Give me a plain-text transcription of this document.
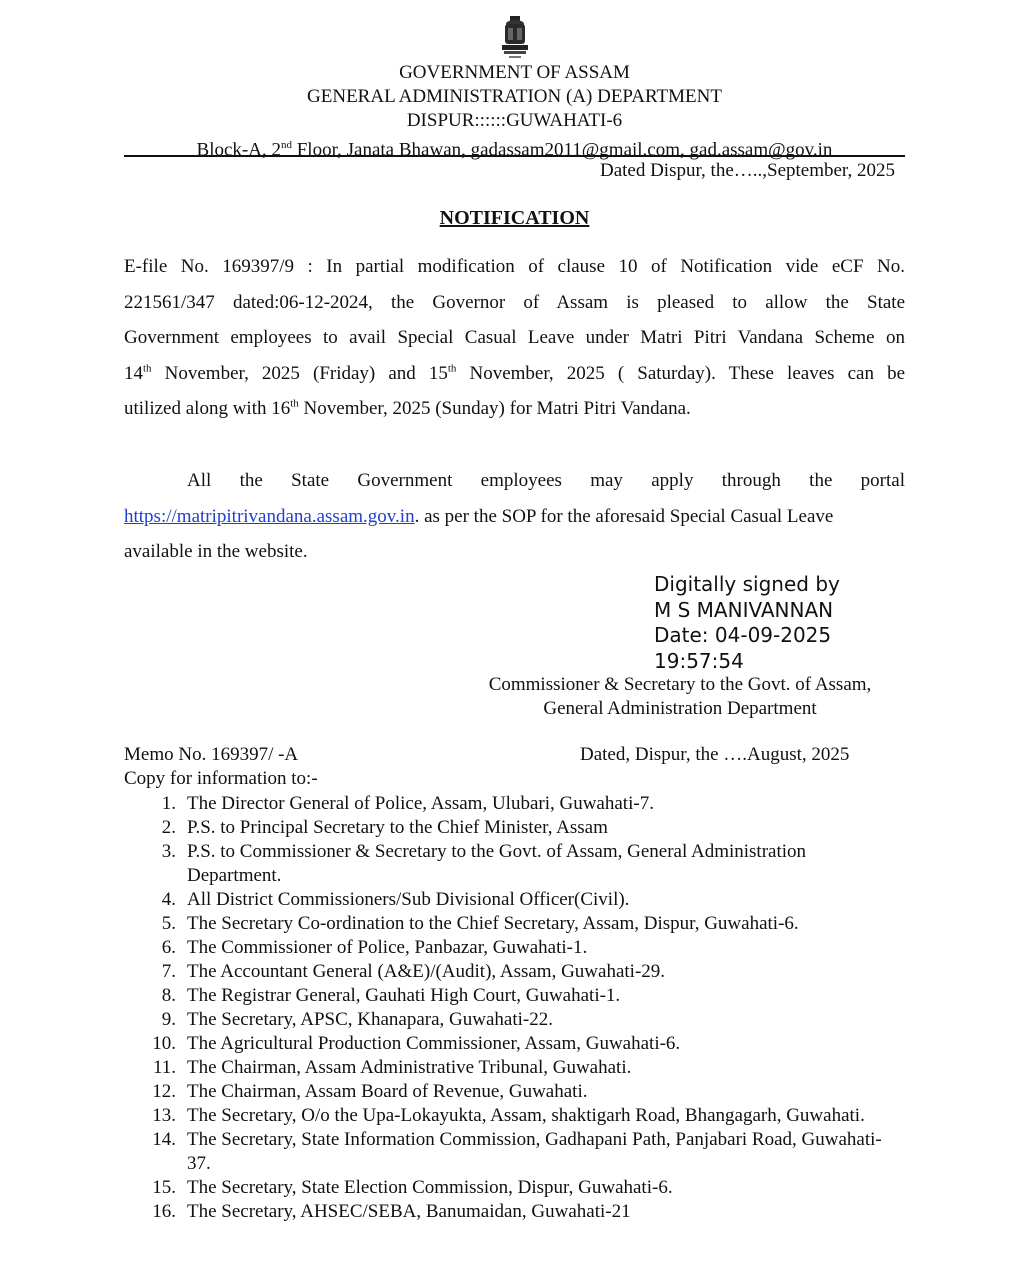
GOVERNMENT OF ASSAM
GENERAL ADMINISTRATION (A) DEPARTMENT
DISPUR::::::GUWAHATI-6
Block-A, 2nd Floor, Janata Bhawan, gadassam2011@gmail.com, gad.assam@gov.in
Dated Dispur, the…..,September, 2025
NOTIFICATION
E-file No. 169397/9 : In partial modification of clause 10 of Notification vide eCF No.
221561/347 dated:06-12-2024, the Governor of Assam is pleased to allow the State
Government employees to avail Special Casual Leave under Matri Pitri Vandana Scheme on
14th November, 2025 (Friday) and 15th November, 2025 ( Saturday). These leaves can be
utilized along with 16th November, 2025 (Sunday) for Matri Pitri Vandana.
All the State Government employees may apply through the portal
https://matripitrivandana.assam.gov.in. as per the SOP for the aforesaid Special Casual Leave
available in the website.
Digitally signed by
M S MANIVANNAN
Date: 04-09-2025
19:57:54
Commissioner & Secretary to the Govt. of Assam,
General Administration Department
Memo No. 169397/ -A	Dated, Dispur, the ….August, 2025
Copy for information to:-
1. The Director General of Police, Assam, Ulubari, Guwahati-7.
2. P.S. to Principal Secretary to the Chief Minister, Assam
3. P.S. to Commissioner & Secretary to the Govt. of Assam, General Administration Department.
4. All District Commissioners/Sub Divisional Officer(Civil).
5. The Secretary Co-ordination to the Chief Secretary, Assam, Dispur, Guwahati-6.
6. The Commissioner of Police, Panbazar, Guwahati-1.
7. The Accountant General (A&E)/(Audit), Assam, Guwahati-29.
8. The Registrar General, Gauhati High Court, Guwahati-1.
9. The Secretary, APSC, Khanapara, Guwahati-22.
10. The Agricultural Production Commissioner, Assam, Guwahati-6.
11. The Chairman, Assam Administrative Tribunal, Guwahati.
12. The Chairman, Assam Board of Revenue, Guwahati.
13. The Secretary, O/o the Upa-Lokayukta, Assam, shaktigarh Road, Bhangagarh, Guwahati.
14. The Secretary, State Information Commission, Gadhapani Path, Panjabari Road, Guwahati-37.
15. The Secretary, State Election Commission, Dispur, Guwahati-6.
16. The Secretary, AHSEC/SEBA, Banumaidan, Guwahati-21
